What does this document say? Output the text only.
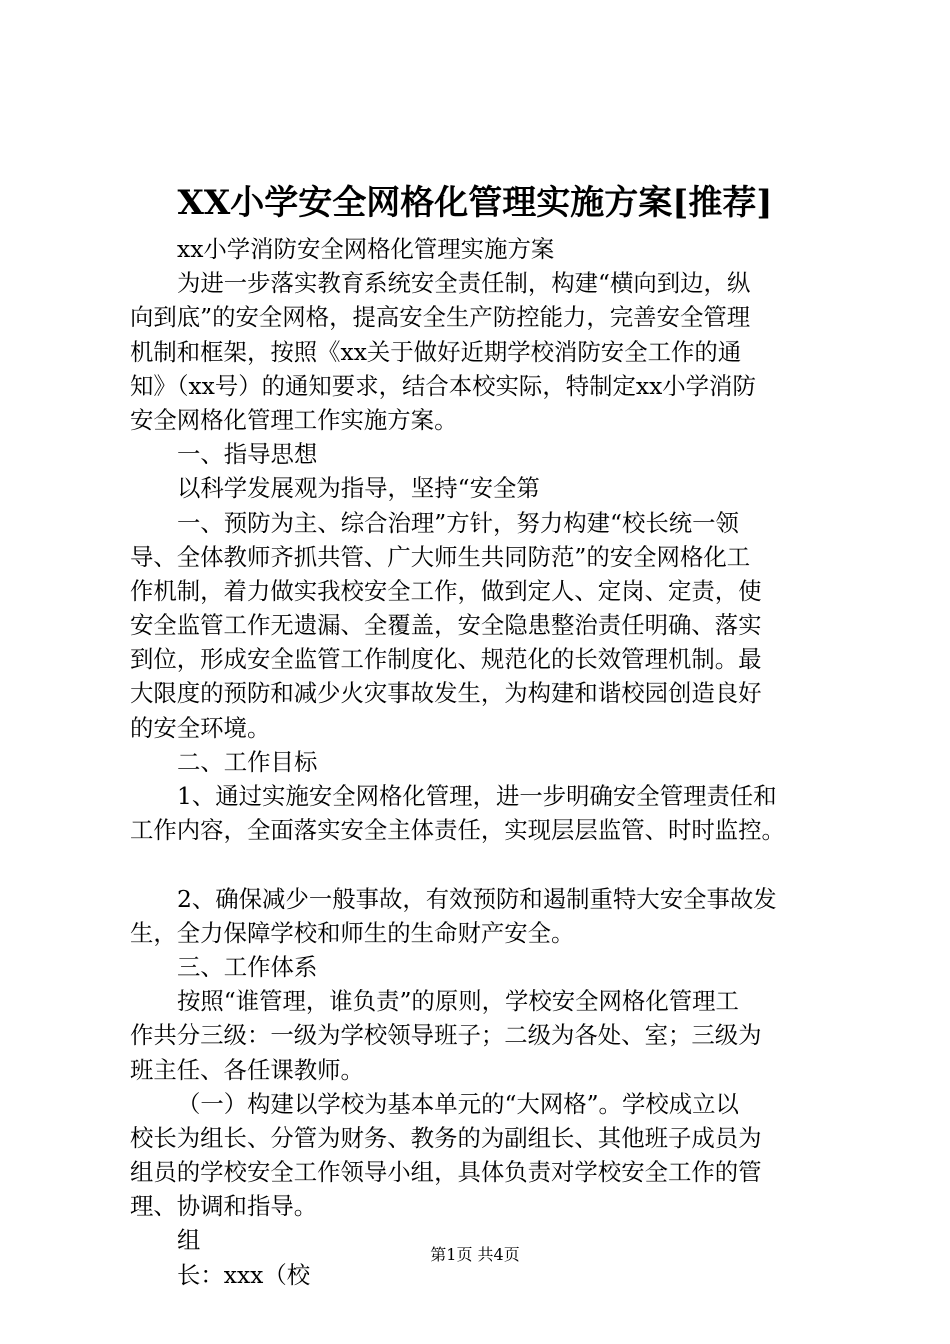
XX小学安全网格化管理实施方案[推荐]
xx小学消防安全网格化管理实施方案
为进一步落实教育系统安全责任制，构建“横向到边，纵
向到底”的安全网格，提高安全生产防控能力，完善安全管理
机制和框架，按照《xx关于做好近期学校消防安全工作的通
知》（xx号）的通知要求，结合本校实际，特制定xx小学消防
安全网格化管理工作实施方案。
一、指导思想
以科学发展观为指导，坚持“安全第
一、预防为主、综合治理”方针，努力构建“校长统一领
导、全体教师齐抓共管、广大师生共同防范”的安全网格化工
作机制，着力做实我校安全工作，做到定人、定岗、定责，使
安全监管工作无遗漏、全覆盖，安全隐患整治责任明确、落实
到位，形成安全监管工作制度化、规范化的长效管理机制。最
大限度的预防和减少火灾事故发生，为构建和谐校园创造良好
的安全环境。
二、工作目标
1、通过实施安全网格化管理，进一步明确安全管理责任和
工作内容，全面落实安全主体责任，实现层层监管、时时监控。
2、确保减少一般事故，有效预防和遏制重特大安全事故发
生，全力保障学校和师生的生命财产安全。
三、工作体系
按照“谁管理，谁负责”的原则，学校安全网格化管理工
作共分三级：一级为学校领导班子；二级为各处、室；三级为
班主任、各任课教师。
（一）构建以学校为基本单元的“大网格”。学校成立以
校长为组长、分管为财务、教务的为副组长、其他班子成员为
组员的学校安全工作领导小组，具体负责对学校安全工作的管
理、协调和指导。
组
长：xxx（校
第1页 共4页
